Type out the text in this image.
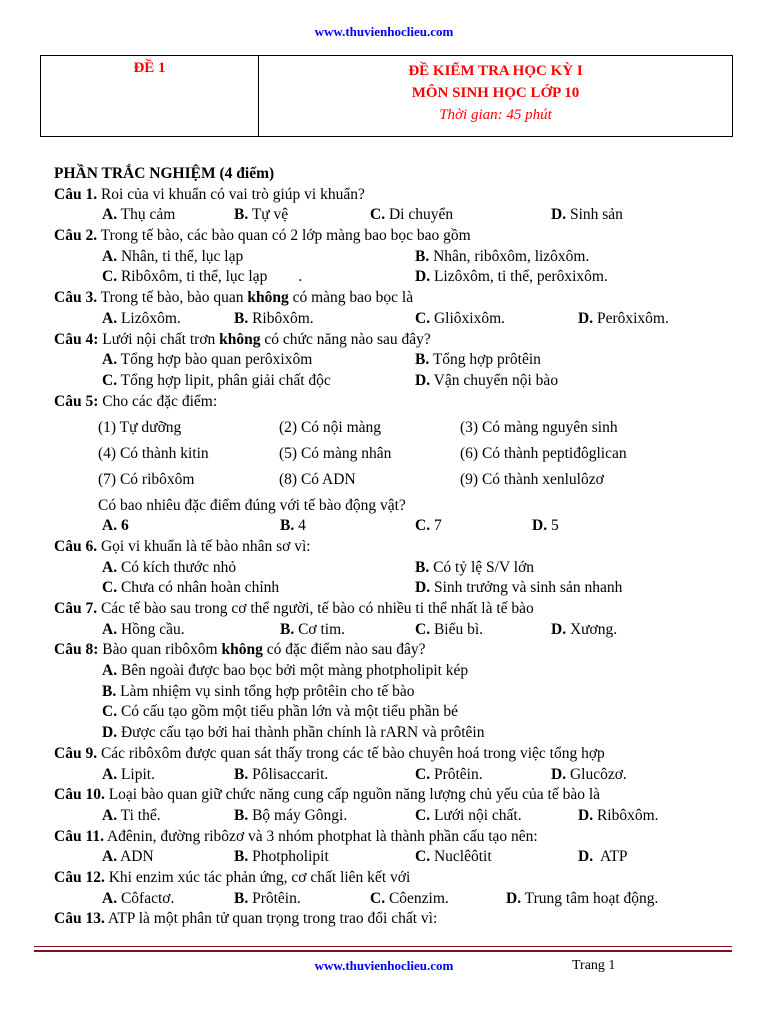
www.thuvienhoclieu.com
ĐỀ 1	ĐỀ KIỂM TRA HỌC KỲ I
MÔN SINH HỌC LỚP 10
Thời gian: 45 phút
PHẦN TRẮC NGHIỆM (4 điểm)
Câu 1. Roi của vi khuẩn có vai trò giúp vi khuẩn?
A. Thụ cảm	B. Tự vệ	C. Di chuyển	D. Sinh sản
Câu 2. Trong tế bào, các bào quan có 2 lớp màng bao bọc bao gồm
A. Nhân, ti thể, lục lạp	B. Nhân, ribôxôm, lizôxôm.
C. Ribôxôm, ti thể, lục lạp        .	D. Lizôxôm, ti thể, perôxixôm.
Câu 3. Trong tế bào, bào quan không có màng bao bọc là
A. Lizôxôm.	B. Ribôxôm.	C. Gliôxixôm.	D. Perôxixôm.
Câu 4: Lưới nội chất trơn không có chức năng nào sau đây?
A. Tổng hợp bào quan perôxixôm	B. Tổng hợp prôtêin
C. Tổng hợp lipit, phân giải chất độc	D. Vận chuyển nội bào
Câu 5: Cho các đặc điểm:
(1) Tự dưỡng	(2) Có nội màng	(3) Có màng nguyên sinh
(4) Có thành kitin	(5) Có màng nhân	(6) Có thành peptiđôglican
(7) Có ribôxôm	(8) Có ADN	(9) Có thành xenlulôzơ
Có bao nhiêu đặc điểm đúng với tế bào động vật?
A. 6	B. 4	C. 7	D. 5
Câu 6. Gọi vi khuẩn là tế bào nhân sơ vì:
A. Có kích thước nhỏ	B. Có tỷ lệ S/V lớn
C. Chưa có nhân hoàn chỉnh	D. Sinh trưởng và sinh sản nhanh
Câu 7. Các tế bào sau trong cơ thể người, tế bào có nhiều ti thể nhất là tế bào
A. Hồng cầu.	B. Cơ tim.	C. Biểu bì.	D. Xương.
Câu 8: Bào quan ribôxôm không có đặc điểm nào sau đây?
A. Bên ngoài được bao bọc bởi một màng photpholipit kép
B. Làm nhiệm vụ sinh tổng hợp prôtêin cho tế bào
C. Có cấu tạo gồm một tiểu phần lớn và một tiểu phần bé
D. Được cấu tạo bởi hai thành phần chính là rARN và prôtêin
Câu 9. Các ribôxôm được quan sát thấy trong các tế bào chuyên hoá trong việc tổng hợp
A. Lipit.	B. Pôlisaccarit.	C. Prôtêin.	D. Glucôzơ.
Câu 10. Loại bào quan giữ chức năng cung cấp nguồn năng lượng chủ yếu của tế bào là
A. Ti thể.	B. Bộ máy Gôngi.	C. Lưới nội chất.	D. Ribôxôm.
Câu 11. Ađênin, đường ribôzơ và 3 nhóm photphat là thành phần cấu tạo nên:
A. ADN	B. Photpholipit	C. Nuclêôtit	D.  ATP
Câu 12. Khi enzim xúc tác phản ứng, cơ chất liên kết với
A. Côfactơ.	B. Prôtêin.	C. Côenzim.	D. Trung tâm hoạt động.
Câu 13. ATP là một phân tử quan trọng trong trao đổi chất vì:
www.thuvienhoclieu.com	Trang 1
